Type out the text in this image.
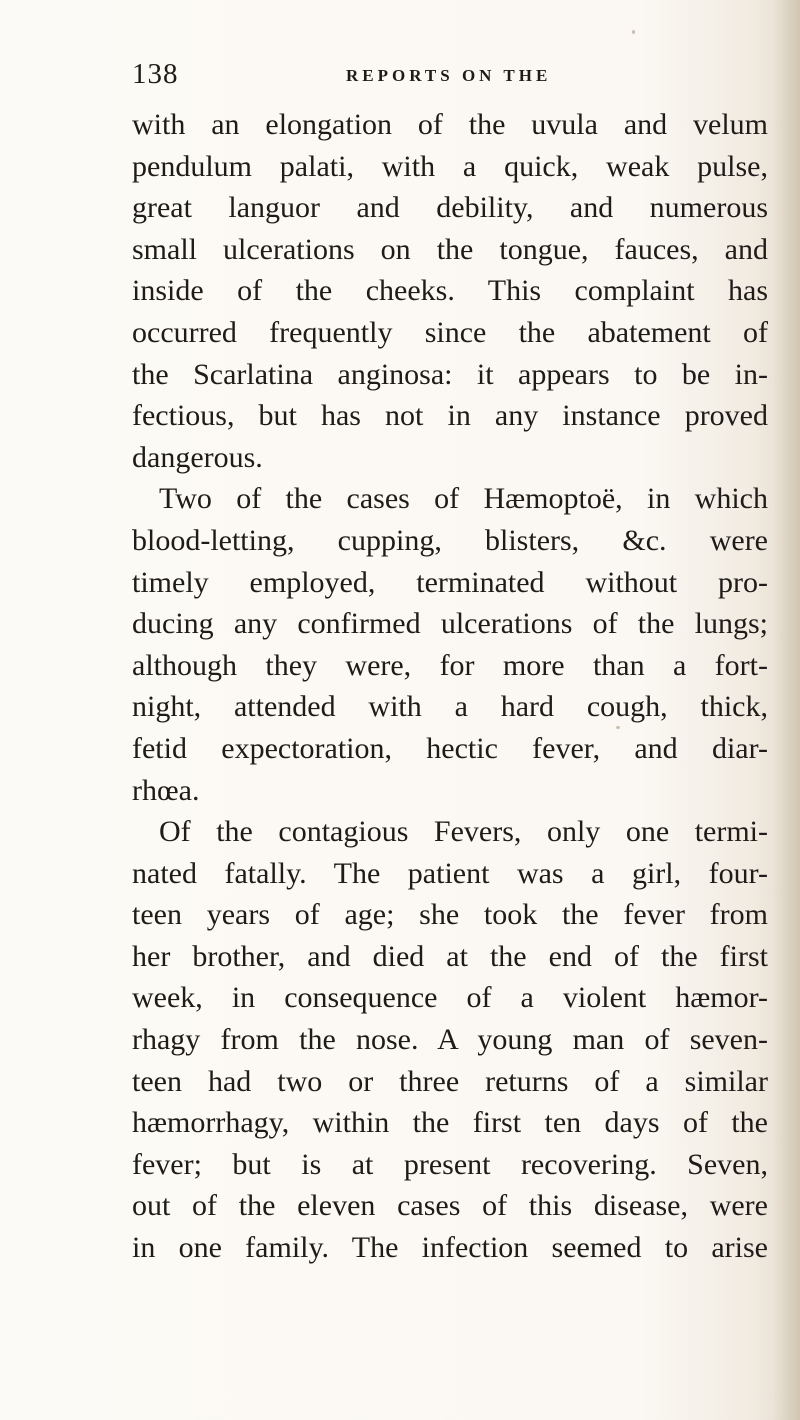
138	REPORTS ON THE
with an elongation of the uvula and velum
pendulum palati, with a quick, weak pulse,
great languor and debility, and numerous
small ulcerations on the tongue, fauces, and
inside of the cheeks. This complaint has
occurred frequently since the abatement of
the Scarlatina anginosa: it appears to be in-
fectious, but has not in any instance proved
dangerous.
Two of the cases of Hæmoptoë, in which
blood-letting, cupping, blisters, &c. were
timely employed, terminated without pro-
ducing any confirmed ulcerations of the lungs;
although they were, for more than a fort-
night, attended with a hard cough, thick,
fetid expectoration, hectic fever, and diar-
rhœa.
Of the contagious Fevers, only one termi-
nated fatally. The patient was a girl, four-
teen years of age; she took the fever from
her brother, and died at the end of the first
week, in consequence of a violent hæmor-
rhagy from the nose. A young man of seven-
teen had two or three returns of a similar
hæmorrhagy, within the first ten days of the
fever; but is at present recovering. Seven,
out of the eleven cases of this disease, were
in one family. The infection seemed to arise
